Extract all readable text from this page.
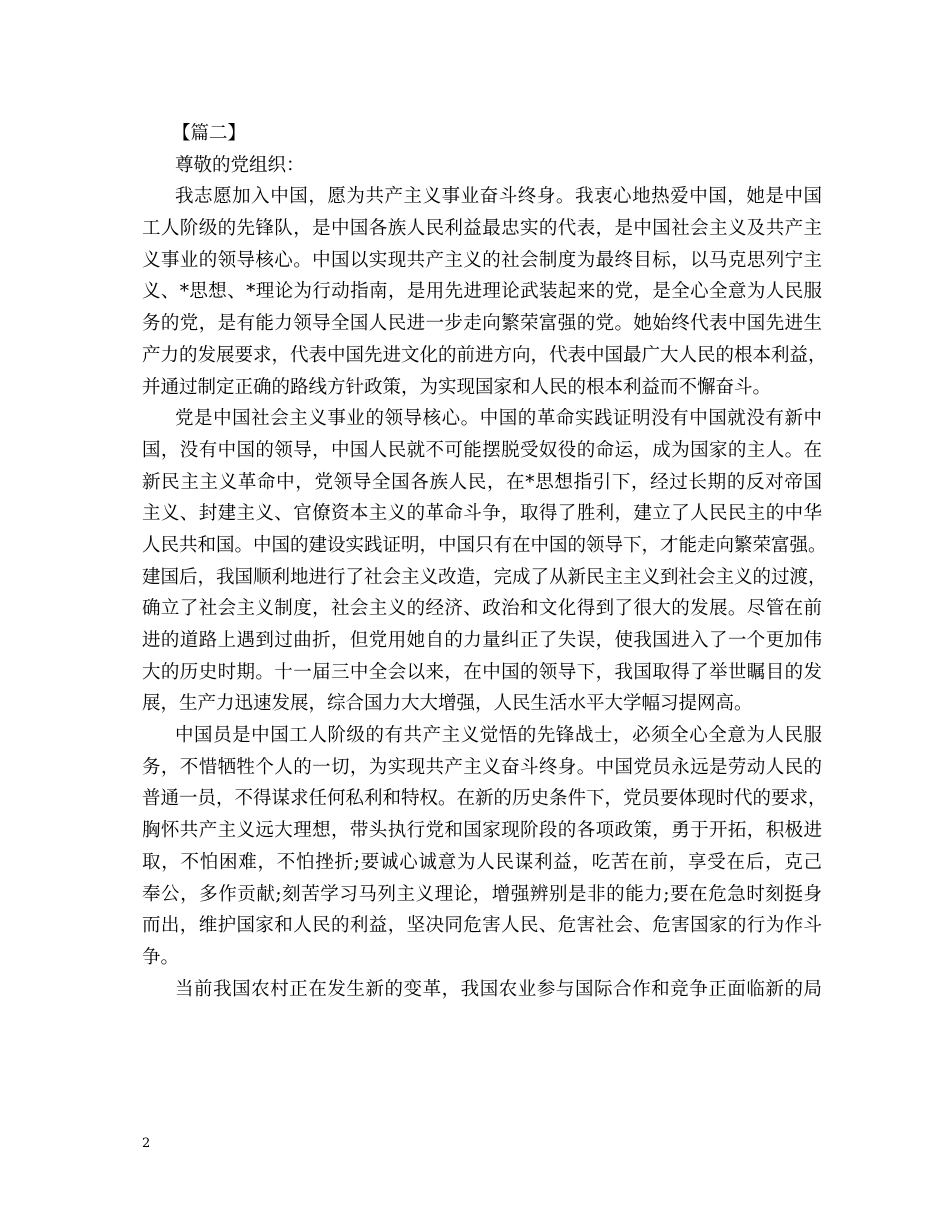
【篇二】
尊敬的党组织：
我志愿加入中国，愿为共产主义事业奋斗终身。我衷心地热爱中国，她是中国
工人阶级的先锋队，是中国各族人民利益最忠实的代表，是中国社会主义及共产主
义事业的领导核心。中国以实现共产主义的社会制度为最终目标，以马克思列宁主
义、*思想、*理论为行动指南，是用先进理论武装起来的党，是全心全意为人民服
务的党，是有能力领导全国人民进一步走向繁荣富强的党。她始终代表中国先进生
产力的发展要求，代表中国先进文化的前进方向，代表中国最广大人民的根本利益，
并通过制定正确的路线方针政策，为实现国家和人民的根本利益而不懈奋斗。
党是中国社会主义事业的领导核心。中国的革命实践证明没有中国就没有新中
国，没有中国的领导，中国人民就不可能摆脱受奴役的命运，成为国家的主人。在
新民主主义革命中，党领导全国各族人民，在*思想指引下，经过长期的反对帝国
主义、封建主义、官僚资本主义的革命斗争，取得了胜利，建立了人民民主的中华
人民共和国。中国的建设实践证明，中国只有在中国的领导下，才能走向繁荣富强。
建国后，我国顺利地进行了社会主义改造，完成了从新民主主义到社会主义的过渡，
确立了社会主义制度，社会主义的经济、政治和文化得到了很大的发展。尽管在前
进的道路上遇到过曲折，但党用她自的力量纠正了失误，使我国进入了一个更加伟
大的历史时期。十一届三中全会以来，在中国的领导下，我国取得了举世瞩目的发
展，生产力迅速发展，综合国力大大增强，人民生活水平大学幅习提网高。
中国员是中国工人阶级的有共产主义觉悟的先锋战士，必须全心全意为人民服
务，不惜牺牲个人的一切，为实现共产主义奋斗终身。中国党员永远是劳动人民的
普通一员，不得谋求任何私利和特权。在新的历史条件下，党员要体现时代的要求，
胸怀共产主义远大理想，带头执行党和国家现阶段的各项政策，勇于开拓，积极进
取，不怕困难，不怕挫折;要诚心诚意为人民谋利益，吃苦在前，享受在后，克己
奉公，多作贡献;刻苦学习马列主义理论，增强辨别是非的能力;要在危急时刻挺身
而出，维护国家和人民的利益，坚决同危害人民、危害社会、危害国家的行为作斗
争。
当前我国农村正在发生新的变革，我国农业参与国际合作和竞争正面临新的局
2
